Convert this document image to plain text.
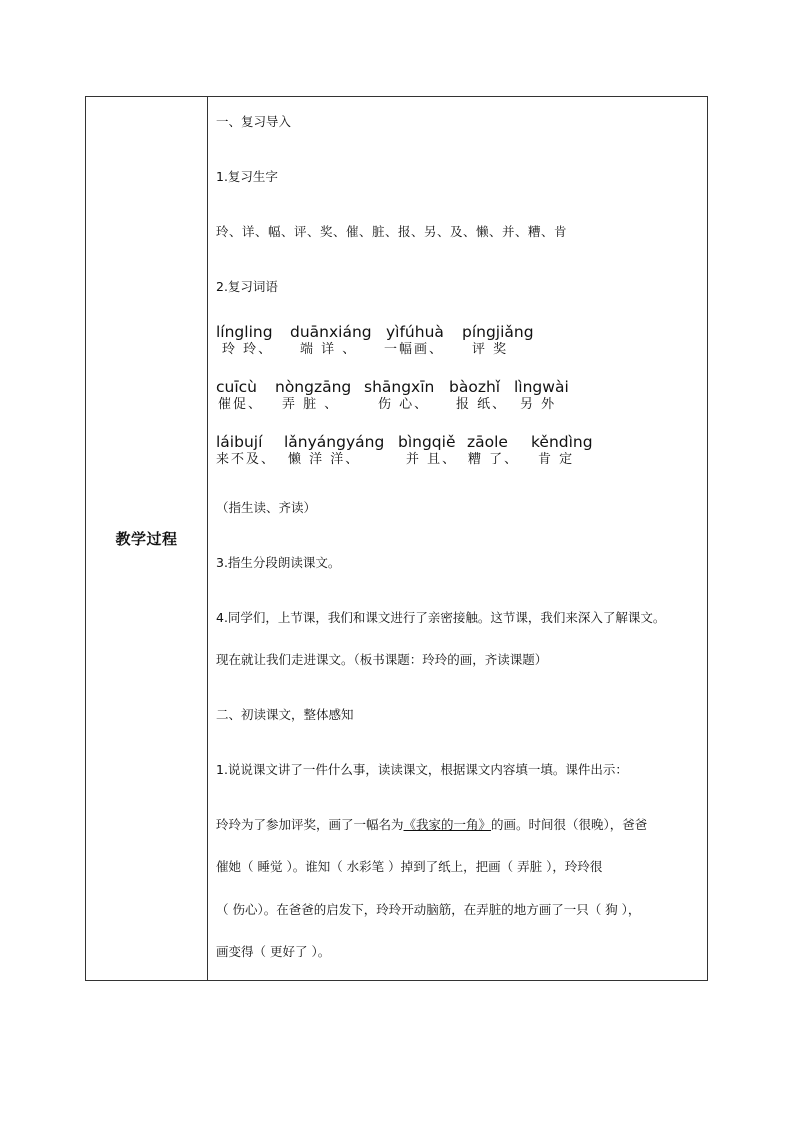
教学过程
一、复习导入
1.复习生字
玲、详、幅、评、奖、催、脏、报、另、及、懒、并、糟、肯
2.复习词语
língling
玲 玲、
duānxiáng
端 详 、
yìfúhuà
一幅画、
píngjiǎng
评 奖
cuīcù
催促、
nòngzāng
弄 脏 、
shāngxīn
伤 心、
bàozhǐ
报 纸、
lìngwài
另 外
láibují
来不及、
lǎnyángyáng
懒 洋 洋、
bìngqiě
并 且、
zāole
糟 了、
kěndìng
肯 定
（指生读、齐读）
3.指生分段朗读课文。
4.同学们，上节课，我们和课文进行了亲密接触。这节课，我们来深入了解课文。
现在就让我们走进课文。（板书课题：玲玲的画，齐读课题）
二、初读课文，整体感知
1.说说课文讲了一件什么事，读读课文，根据课文内容填一填。课件出示：
玲玲为了参加评奖，画了一幅名为《我家的一角》的画。时间很（很晚），爸爸
催她（ 睡觉 ）。谁知（ 水彩笔 ）掉到了纸上，把画（ 弄脏 ），玲玲很
（ 伤心）。在爸爸的启发下，玲玲开动脑筋，在弄脏的地方画了一只（ 狗 ），
画变得（ 更好了 ）。
